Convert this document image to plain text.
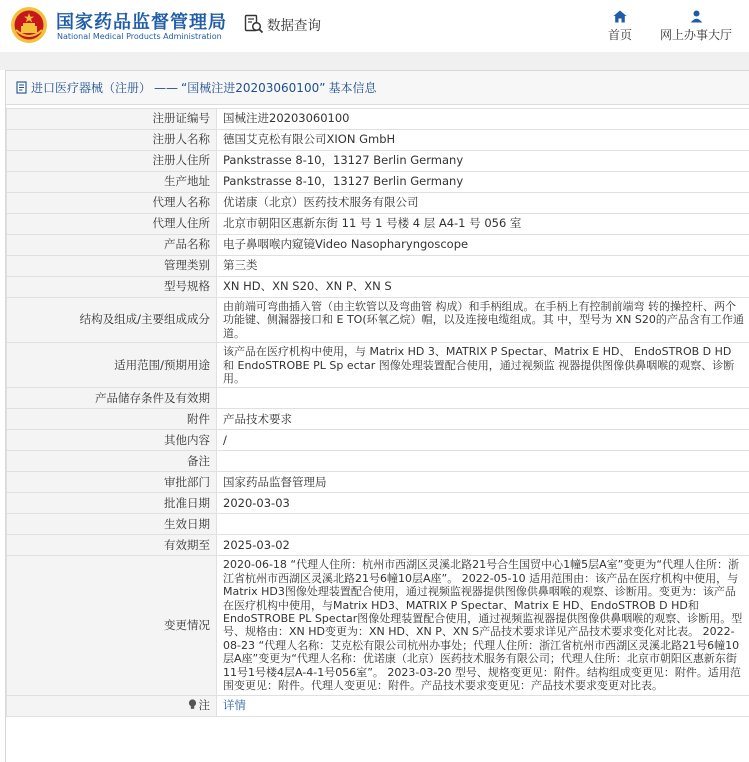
国家药品监督管理局
National Medical Products Administration
数据查询
首页	网上办事大厅
进口医疗器械（注册） —— “国械注进20203060100” 基本信息
注册证编号	国械注进20203060100
注册人名称	德国艾克松有限公司XION GmbH
注册人住所	Pankstrasse 8-10，13127 Berlin Germany
生产地址	Pankstrasse 8-10，13127 Berlin Germany
代理人名称	优诺康（北京）医药技术服务有限公司
代理人住所	北京市朝阳区惠新东街 11 号 1 号楼 4 层 A4-1 号 056 室
产品名称	电子鼻咽喉内窥镜Video Nasopharyngoscope
管理类别	第三类
型号规格	XN HD、XN S20、XN P、XN S
结构及组成/主要组成成分	由前端可弯曲插入管（由主软管以及弯曲管 构成）和手柄组成。在手柄上有控制前端弯 转的操控杆、两个功能键、侧漏器接口和 E TO(环氧乙烷）帽，以及连接电缆组成。其 中，型号为 XN S20的产品含有工作通道。
适用范围/预期用途	该产品在医疗机构中使用，与 Matrix HD 3、MATRIX P Spectar、Matrix E HD、 EndoSTROB D HD 和 EndoSTROBE PL Sp ectar 图像处理装置配合使用，通过视频监 视器提供图像供鼻咽喉的观察、诊断用。
产品储存条件及有效期	
附件	产品技术要求
其他内容	/
备注	
审批部门	国家药品监督管理局
批准日期	2020-03-03
生效日期	
有效期至	2025-03-02
变更情况	2020-06-18 “代理人住所：杭州市西湖区灵溪北路21号合生国贸中心1幢5层A室”变更为“代理人住所：浙江省杭州市西湖区灵溪北路21号6幢10层A座”。 2022-05-10 适用范围由：该产品在医疗机构中使用，与Matrix HD3图像处理装置配合使用，通过视频监视器提供图像供鼻咽喉的观察、诊断用。变更为：该产品在医疗机构中使用，与Matrix HD3、MATRIX P Spectar、Matrix E HD、EndoSTROB D HD和EndoSTROBE PL Spectar图像处理装置配合使用，通过视频监视器提供图像供鼻咽喉的观察、诊断用。型号、规格由：XN HD变更为：XN HD、XN P、XN S产品技术要求详见产品技术要求变化对比表。 2022-08-23 “代理人名称：艾克松有限公司杭州办事处；代理人住所：浙江省杭州市西湖区灵溪北路21号6幢10层A座”变更为“代理人名称：优诺康（北京）医药技术服务有限公司；代理人住所：北京市朝阳区惠新东街11号1号楼4层A-4-1号056室”。 2023-03-20 型号、规格变更见：附件。结构组成变更见：附件。适用范围变更见：附件。代理人变更见：附件。产品技术要求变更见：产品技术要求变更对比表。
注	详情
